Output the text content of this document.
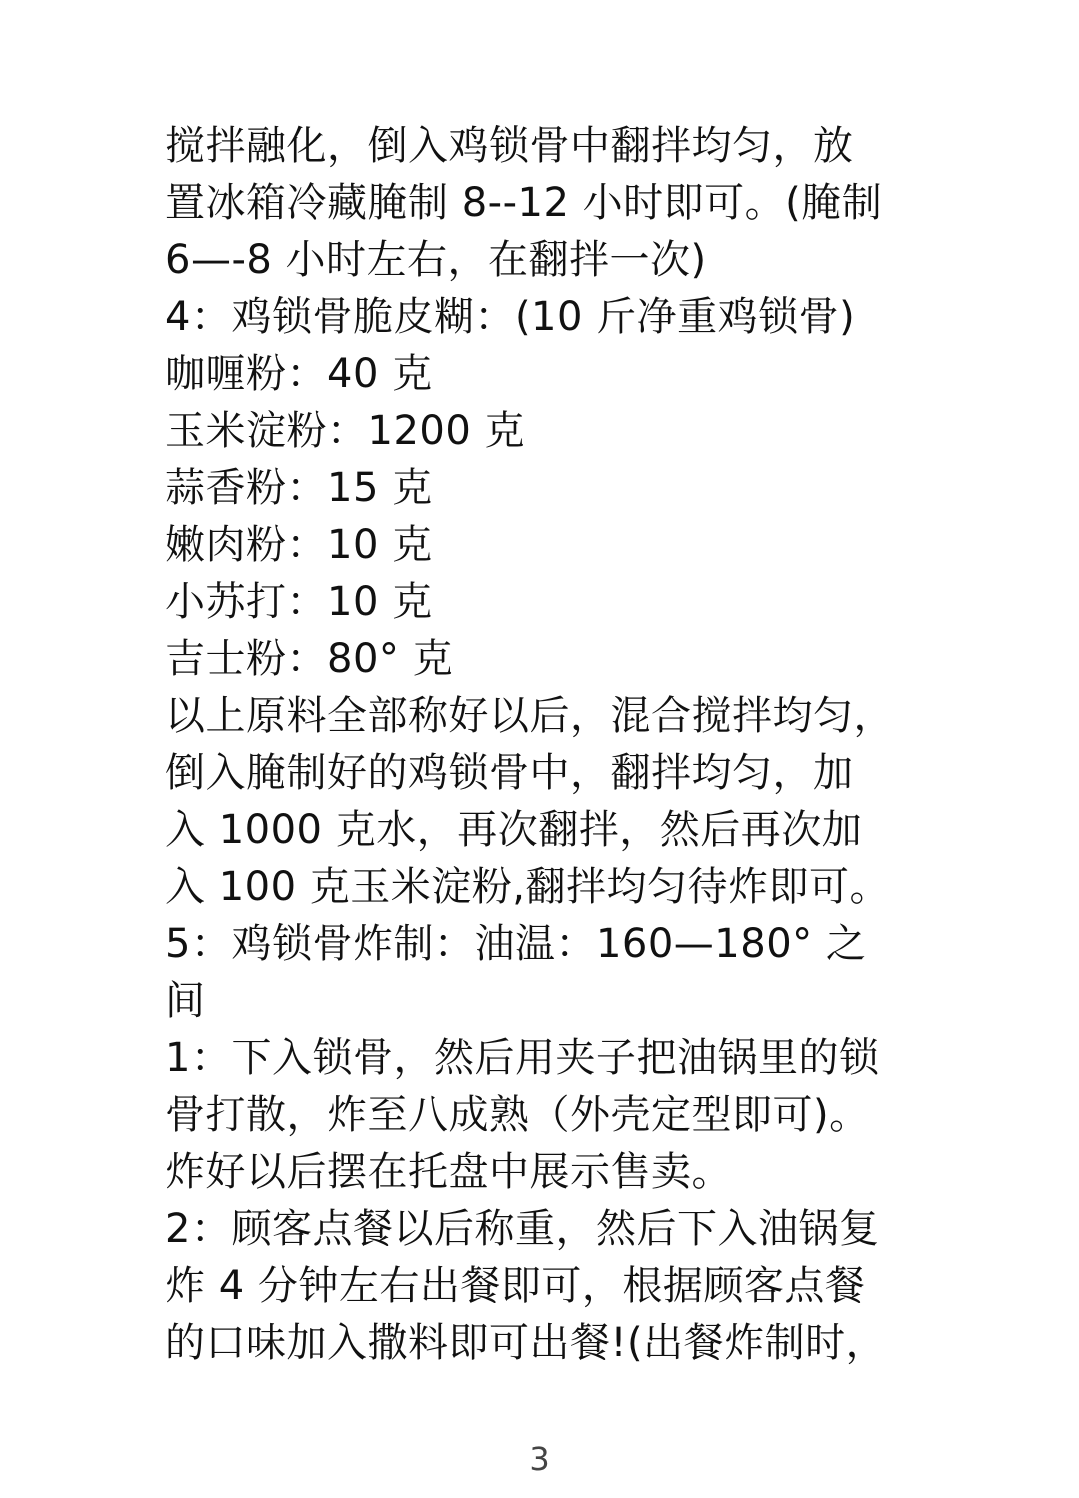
搅拌融化，倒入鸡锁骨中翻拌均匀，放
置冰箱冷藏腌制 8--12 小时即可。(腌制
6—-8 小时左右，在翻拌一次)
4：鸡锁骨脆皮糊：(10 斤净重鸡锁骨)
咖喱粉：40 克
玉米淀粉：1200 克
蒜香粉：15 克
嫩肉粉：10 克
小苏打：10 克
吉士粉：80° 克
以上原料全部称好以后，混合搅拌均匀，
倒入腌制好的鸡锁骨中，翻拌均匀，加
入 1000 克水，再次翻拌，然后再次加
入 100 克玉米淀粉,翻拌均匀待炸即可。
5：鸡锁骨炸制：油温：160—180° 之
间
1：下入锁骨，然后用夹子把油锅里的锁
骨打散，炸至八成熟（外壳定型即可)。
炸好以后摆在托盘中展示售卖。
2：顾客点餐以后称重，然后下入油锅复
炸 4 分钟左右出餐即可，根据顾客点餐
的口味加入撒料即可出餐!(出餐炸制时，
3
